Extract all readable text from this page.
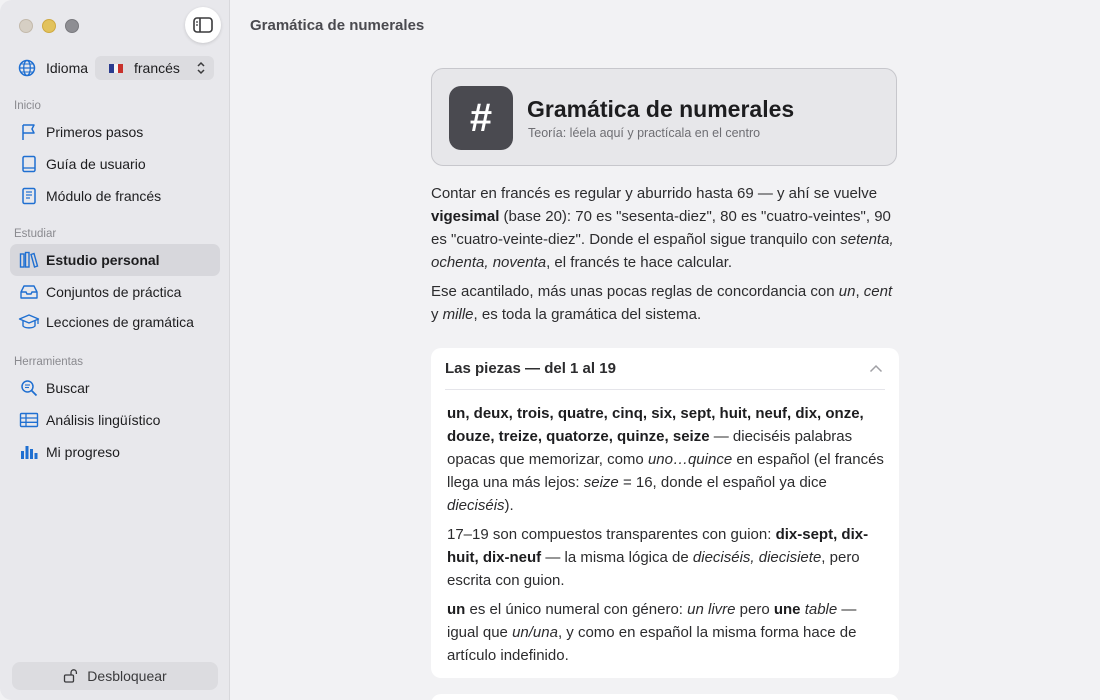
Idioma	francés
Inicio
Primeros pasos
Guía de usuario
Módulo de francés
Estudiar
Estudio personal
Conjuntos de práctica
Lecciones de gramática
Herramientas
Buscar
Análisis lingüístico
Mi progreso
Desbloquear
Gramática de numerales
#	Gramática de numerales
Teoría: léela aquí y practícala en el centro

Contar en francés es regular y aburrido hasta 69 — y ahí se vuelve vigesimal (base 20): 70 es "sesenta-diez", 80 es "cuatro-veintes", 90 es "cuatro-veinte-diez". Donde el español sigue tranquilo con setenta, ochenta, noventa, el francés te hace calcular.

Ese acantilado, más unas pocas reglas de concordancia con un, cent y mille, es toda la gramática del sistema.

Las piezas — del 1 al 19

un, deux, trois, quatre, cinq, six, sept, huit, neuf, dix, onze, douze, treize, quatorze, quinze, seize — dieciséis palabras opacas que memorizar, como uno…quince en español (el francés llega una más lejos: seize = 16, donde el español ya dice dieciséis).

17–19 son compuestos transparentes con guion: dix-sept, dix-huit, dix-neuf — la misma lógica de dieciséis, diecisiete, pero escrita con guion.

un es el único numeral con género: un livre pero une table — igual que un/una, y como en español la misma forma hace de artículo indefinido.
